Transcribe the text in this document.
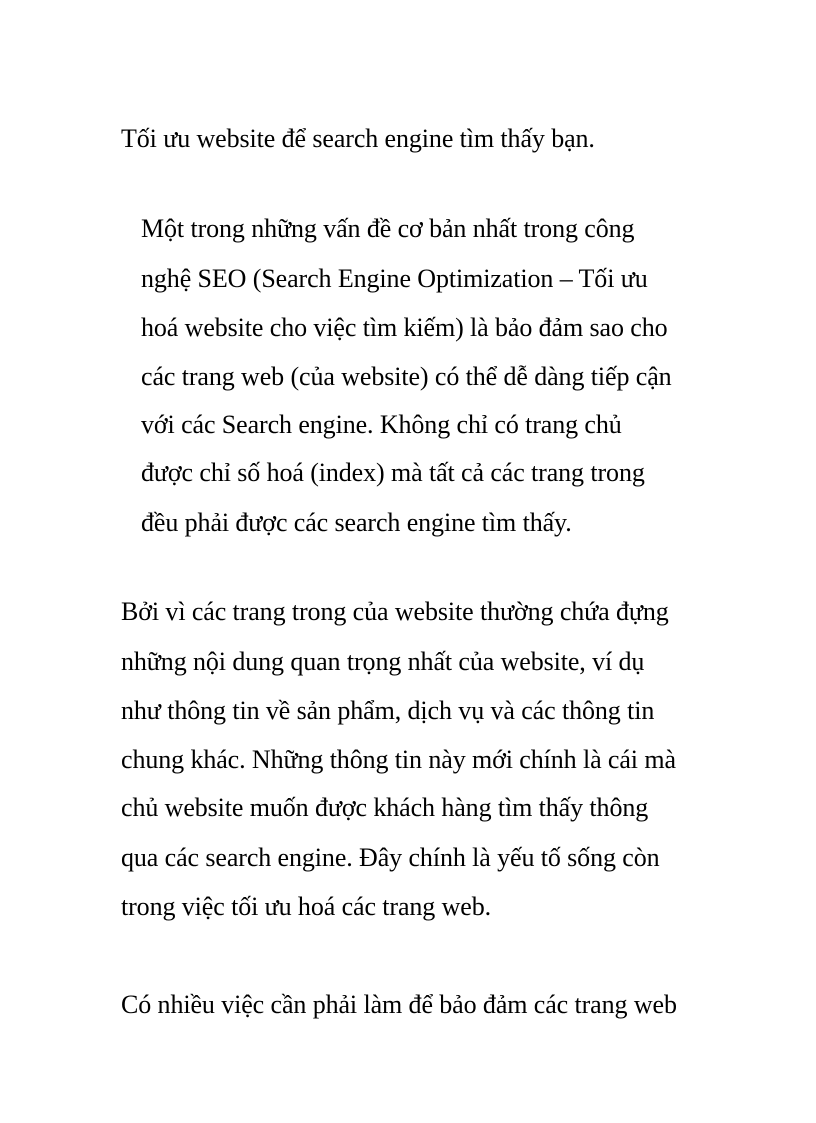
Tối ưu website để search engine tìm thấy bạn.
Một trong những vấn đề cơ bản nhất trong công
nghệ SEO (Search Engine Optimization – Tối ưu
hoá website cho việc tìm kiếm) là bảo đảm sao cho
các trang web (của website) có thể dễ dàng tiếp cận
với các Search engine. Không chỉ có trang chủ
được chỉ số hoá (index) mà tất cả các trang trong
đều phải được các search engine tìm thấy.
Bởi vì các trang trong của website thường chứa đựng
những nội dung quan trọng nhất của website, ví dụ
như thông tin về sản phẩm, dịch vụ và các thông tin
chung khác. Những thông tin này mới chính là cái mà
chủ website muốn được khách hàng tìm thấy thông
qua các search engine. Đây chính là yếu tố sống còn
trong việc tối ưu hoá các trang web.
Có nhiều việc cần phải làm để bảo đảm các trang web
